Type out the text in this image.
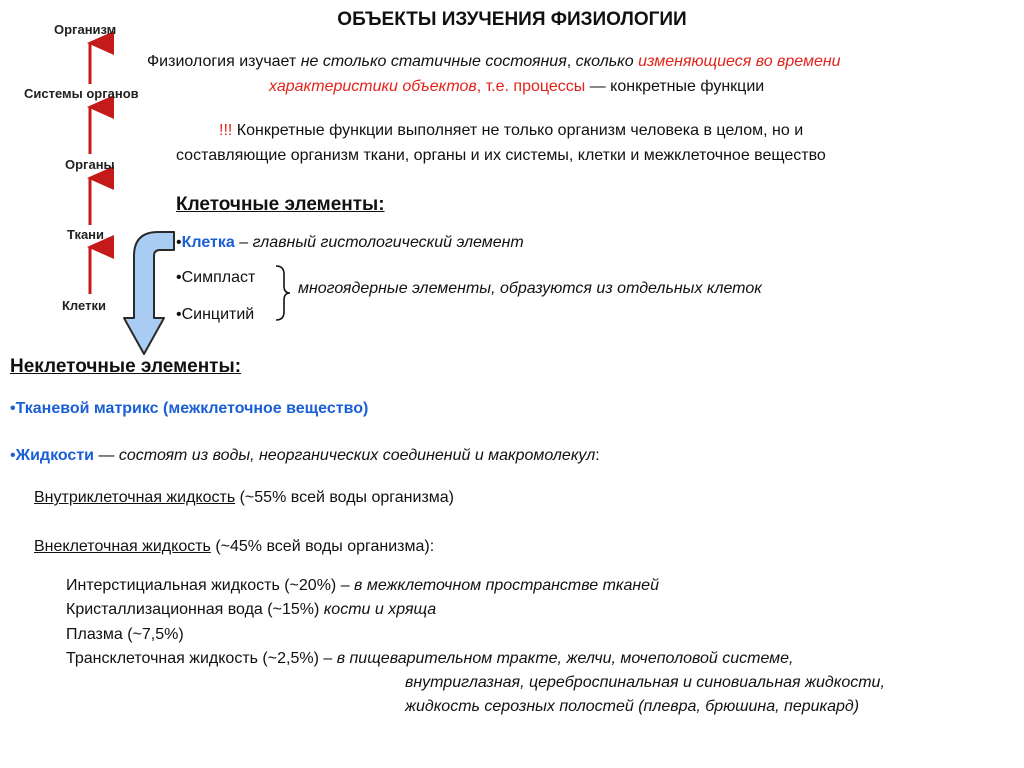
Организм
Системы органов
Органы
Ткани
Клетки
ОБЪЕКТЫ ИЗУЧЕНИЯ ФИЗИОЛОГИИ
Физиология изучает не столько статичные состояния, сколько изменяющиеся во времени
характеристики объектов, т.е. процессы — конкретные функции
!!! Конкретные функции выполняет не только организм человека в целом, но и
составляющие организм ткани, органы и их системы, клетки и межклеточное вещество
Клеточные элементы:
•Клетка – главный гистологический элемент
•Симпласт
•Синцитий
многоядерные элементы, образуются из отдельных клеток
Неклеточные элементы:
•Тканевой матрикс (межклеточное вещество)
•Жидкости — состоят из воды, неорганических соединений и макромолекул:
Внутриклеточная жидкость (~55% всей воды организма)
Внеклеточная жидкость (~45% всей воды организма):
Интерстициальная жидкость (~20%) – в межклеточном пространстве тканей
Кристаллизационная вода (~15%) кости и хряща
Плазма (~7,5%)
Трансклеточная жидкость (~2,5%) – в пищеварительном тракте, желчи, мочеполовой системе,
внутриглазная, цереброспинальная и синовиальная жидкости,
жидкость серозных полостей (плевра, брюшина, перикард)
